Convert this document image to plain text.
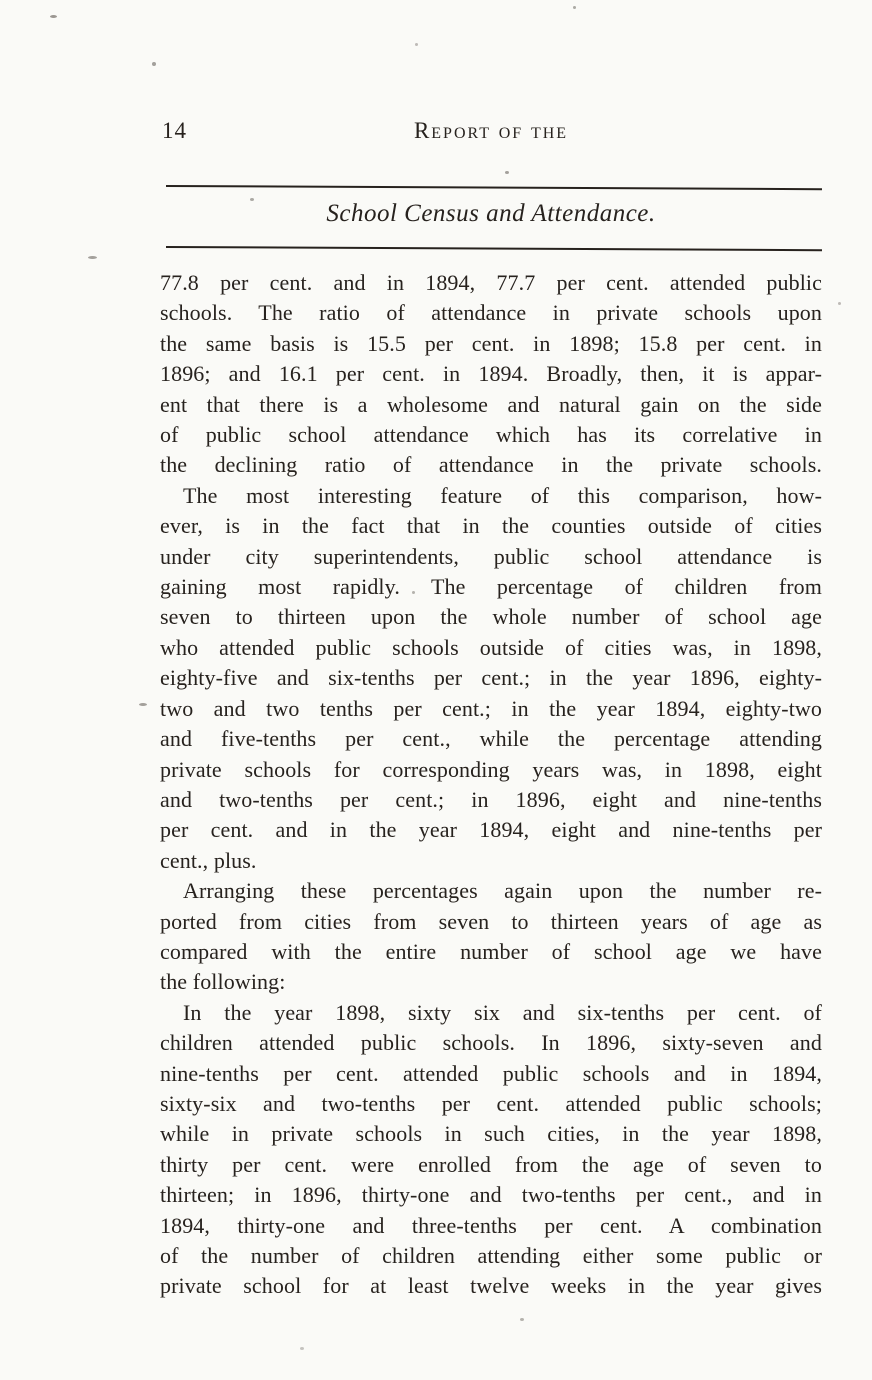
14	Report of the
School Census and Attendance.
77.8 per cent. and in 1894, 77.7 per cent. attended public
schools. The ratio of attendance in private schools upon
the same basis is 15.5 per cent. in 1898; 15.8 per cent. in
1896; and 16.1 per cent. in 1894. Broadly, then, it is appar-
ent that there is a wholesome and natural gain on the side
of public school attendance which has its correlative in
the declining ratio of attendance in the private schools.
The most interesting feature of this comparison, how-
ever, is in the fact that in the counties outside of cities
under city superintendents, public school attendance is
gaining most rapidly. The percentage of children from
seven to thirteen upon the whole number of school age
who attended public schools outside of cities was, in 1898,
eighty-five and six-tenths per cent.; in the year 1896, eighty-
two and two tenths per cent.; in the year 1894, eighty-two
and five-tenths per cent., while the percentage attending
private schools for corresponding years was, in 1898, eight
and two-tenths per cent.; in 1896, eight and nine-tenths
per cent. and in the year 1894, eight and nine-tenths per
cent., plus.
Arranging these percentages again upon the number re-
ported from cities from seven to thirteen years of age as
compared with the entire number of school age we have
the following:
In the year 1898, sixty six and six-tenths per cent. of
children attended public schools. In 1896, sixty-seven and
nine-tenths per cent. attended public schools and in 1894,
sixty-six and two-tenths per cent. attended public schools;
while in private schools in such cities, in the year 1898,
thirty per cent. were enrolled from the age of seven to
thirteen; in 1896, thirty-one and two-tenths per cent., and in
1894, thirty-one and three-tenths per cent. A combination
of the number of children attending either some public or
private school for at least twelve weeks in the year gives
